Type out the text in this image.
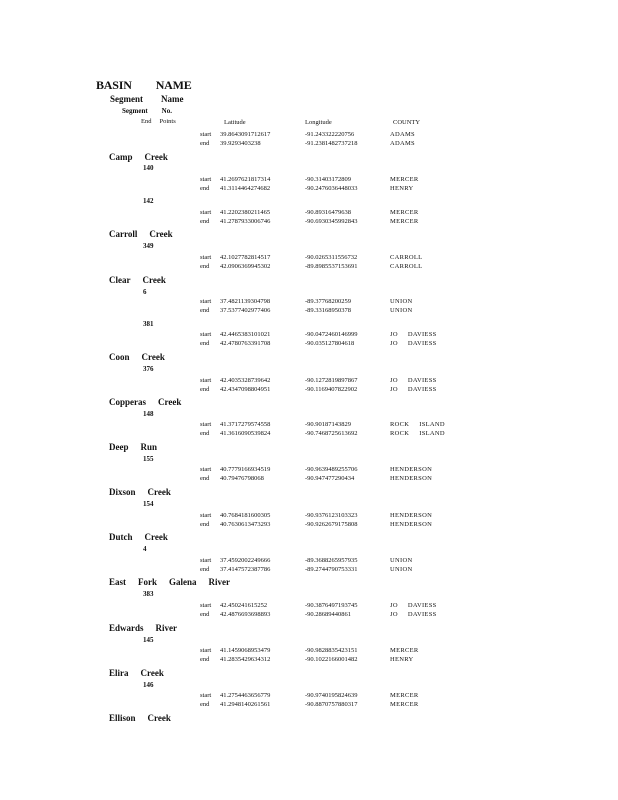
BASIN NAME
Segment Name
Segment No.
End Points	Latitude	Longitude	COUNTY
start 39.8643091712617	-91.243322220756	ADAMS
end 39.9293403238	-91.2381482737218	ADAMS
Camp Creek
140
start 41.2697621817314	-90.31403172809	MERCER
end 41.3114464274682	-90.2476036448033	HENRY
142
start 41.2202380211465	-90.89316479638	MERCER
end 41.2787933006746	-90.6930345992843	MERCER
Carroll Creek
349
start 42.1027782814517	-90.0265311556732	CARROLL
end 42.0906369945302	-89.8985537153691	CARROLL
Clear Creek
6
start 37.4821139304798	-89.37768200259	UNION
end 37.5377402977406	-89.33168950378	UNION
381
start 42.4465383101021	-90.0472460146999	JO DAVIESS
end 42.4780763391708	-90.035127804618	JO DAVIESS
Coon Creek
376
start 42.4035328739642	-90.1272819897867	JO DAVIESS
end 42.4347098804951	-90.1169407822902	JO DAVIESS
Copperas Creek
148
start 41.3717279574558	-90.90187143829	ROCK ISLAND
end 41.3616090539824	-90.7468725613692	ROCK ISLAND
Deep Run
155
start 40.7779166934519	-90.9639489255706	HENDERSON
end 40.79476798068	-90.947477290434	HENDERSON
Dixson Creek
154
start 40.7684181600305	-90.9376123103323	HENDERSON
end 40.7630613473293	-90.9262679175808	HENDERSON
Dutch Creek
4
start 37.4592002249666	-89.3688265957935	UNION
end 37.4147572387786	-89.2744790753331	UNION
East Fork Galena River
383
start 42.450241615252	-90.3876497193745	JO DAVIESS
end 42.4876693698893	-90.28689440861	JO DAVIESS
Edwards River
145
start 41.1459068953479	-90.9828835423151	MERCER
end 41.2835429634312	-90.1022166001482	HENRY
Elira Creek
146
start 41.2754463656779	-90.9740195824639	MERCER
end 41.2948140261561	-90.8870757880317	MERCER
Ellison Creek
